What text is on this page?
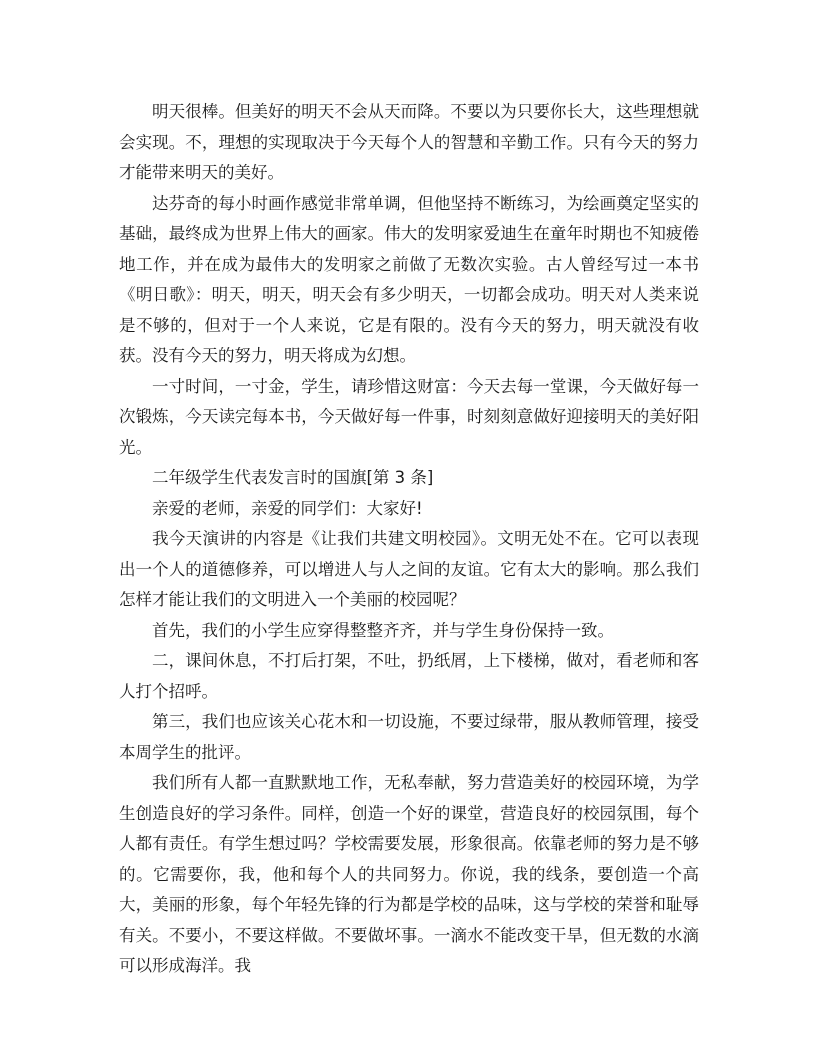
明天很棒。但美好的明天不会从天而降。不要以为只要你长大，这些理想就会实现。不，理想的实现取决于今天每个人的智慧和辛勤工作。只有今天的努力才能带来明天的美好。

达芬奇的每小时画作感觉非常单调，但他坚持不断练习，为绘画奠定坚实的基础，最终成为世界上伟大的画家。伟大的发明家爱迪生在童年时期也不知疲倦地工作，并在成为最伟大的发明家之前做了无数次实验。古人曾经写过一本书《明日歌》：明天，明天，明天会有多少明天，一切都会成功。明天对人类来说是不够的，但对于一个人来说，它是有限的。没有今天的努力，明天就没有收获。没有今天的努力，明天将成为幻想。

一寸时间，一寸金，学生，请珍惜这财富：今天去每一堂课，今天做好每一次锻炼，今天读完每本书，今天做好每一件事，时刻刻意做好迎接明天的美好阳光。

二年级学生代表发言时的国旗[第 3 条]

亲爱的老师，亲爱的同学们：大家好!

我今天演讲的内容是《让我们共建文明校园》。文明无处不在。它可以表现出一个人的道德修养，可以增进人与人之间的友谊。它有太大的影响。那么我们怎样才能让我们的文明进入一个美丽的校园呢？

首先，我们的小学生应穿得整整齐齐，并与学生身份保持一致。

二，课间休息，不打后打架，不吐，扔纸屑，上下楼梯，做对，看老师和客人打个招呼。

第三，我们也应该关心花木和一切设施，不要过绿带，服从教师管理，接受本周学生的批评。

我们所有人都一直默默地工作，无私奉献，努力营造美好的校园环境，为学生创造良好的学习条件。同样，创造一个好的课堂，营造良好的校园氛围，每个人都有责任。有学生想过吗？学校需要发展，形象很高。依靠老师的努力是不够的。它需要你，我，他和每个人的共同努力。你说，我的线条，要创造一个高大，美丽的形象，每个年轻先锋的行为都是学校的品味，这与学校的荣誉和耻辱有关。不要小，不要这样做。不要做坏事。一滴水不能改变干旱，但无数的水滴可以形成海洋。我
